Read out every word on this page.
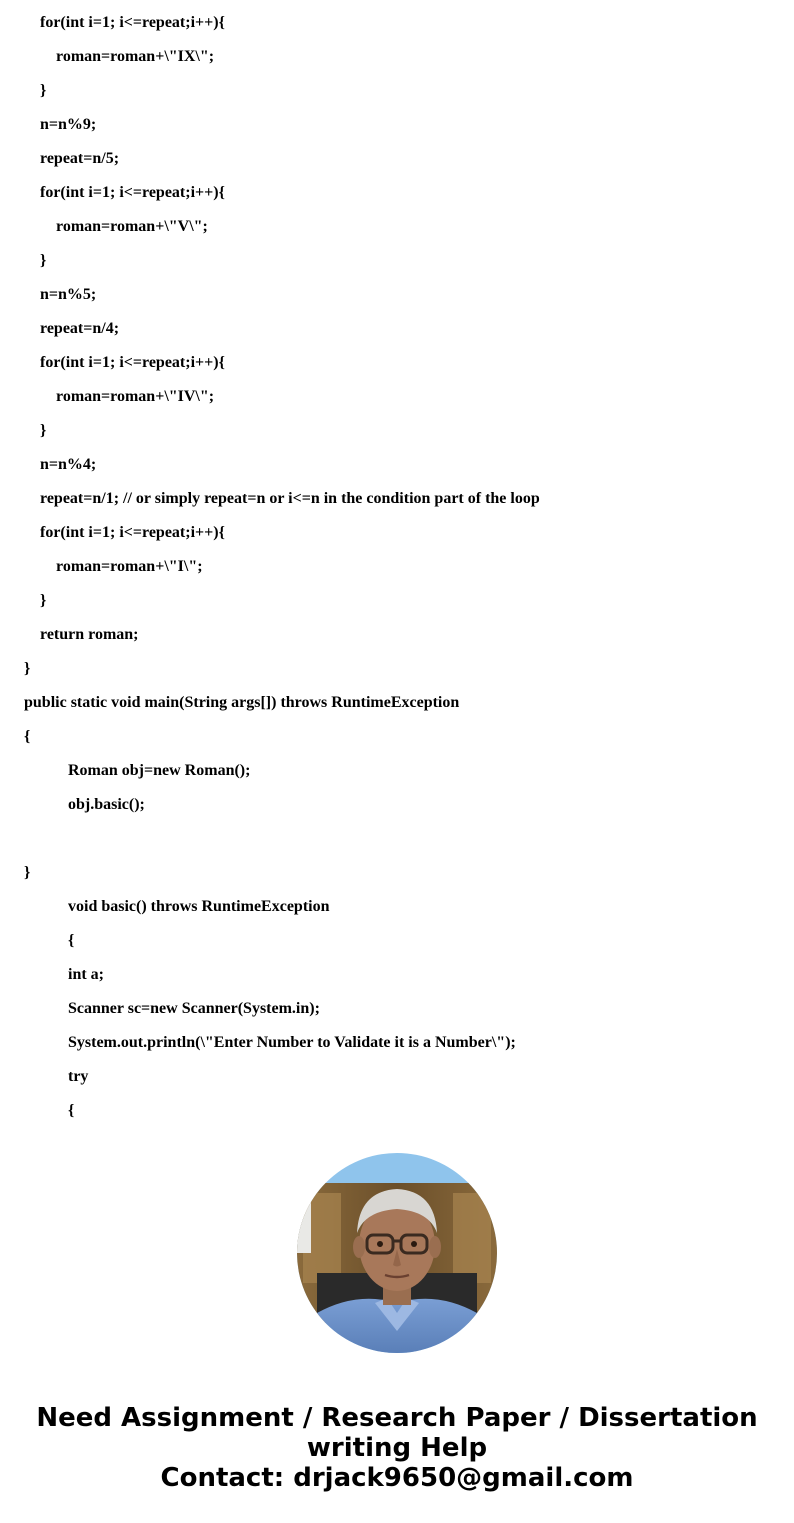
for(int i=1; i<=repeat;i++){
roman=roman+\"IX\";
}
n=n%9;
repeat=n/5;
for(int i=1; i<=repeat;i++){
roman=roman+\"V\";
}
n=n%5;
repeat=n/4;
for(int i=1; i<=repeat;i++){
roman=roman+\"IV\";
}
n=n%4;
repeat=n/1; // or simply repeat=n or i<=n in the condition part of the loop
for(int i=1; i<=repeat;i++){
roman=roman+\"I\";
}
return roman;
}
public static void main(String args[]) throws RuntimeException
{
Roman obj=new Roman();
obj.basic();
}
void basic() throws RuntimeException
{
int a;
Scanner sc=new Scanner(System.in);
System.out.println(\"Enter Number to Validate it is a Number\");
try
{
Need Assignment / Research Paper / Dissertation
writing Help
Contact: drjack9650@gmail.com
